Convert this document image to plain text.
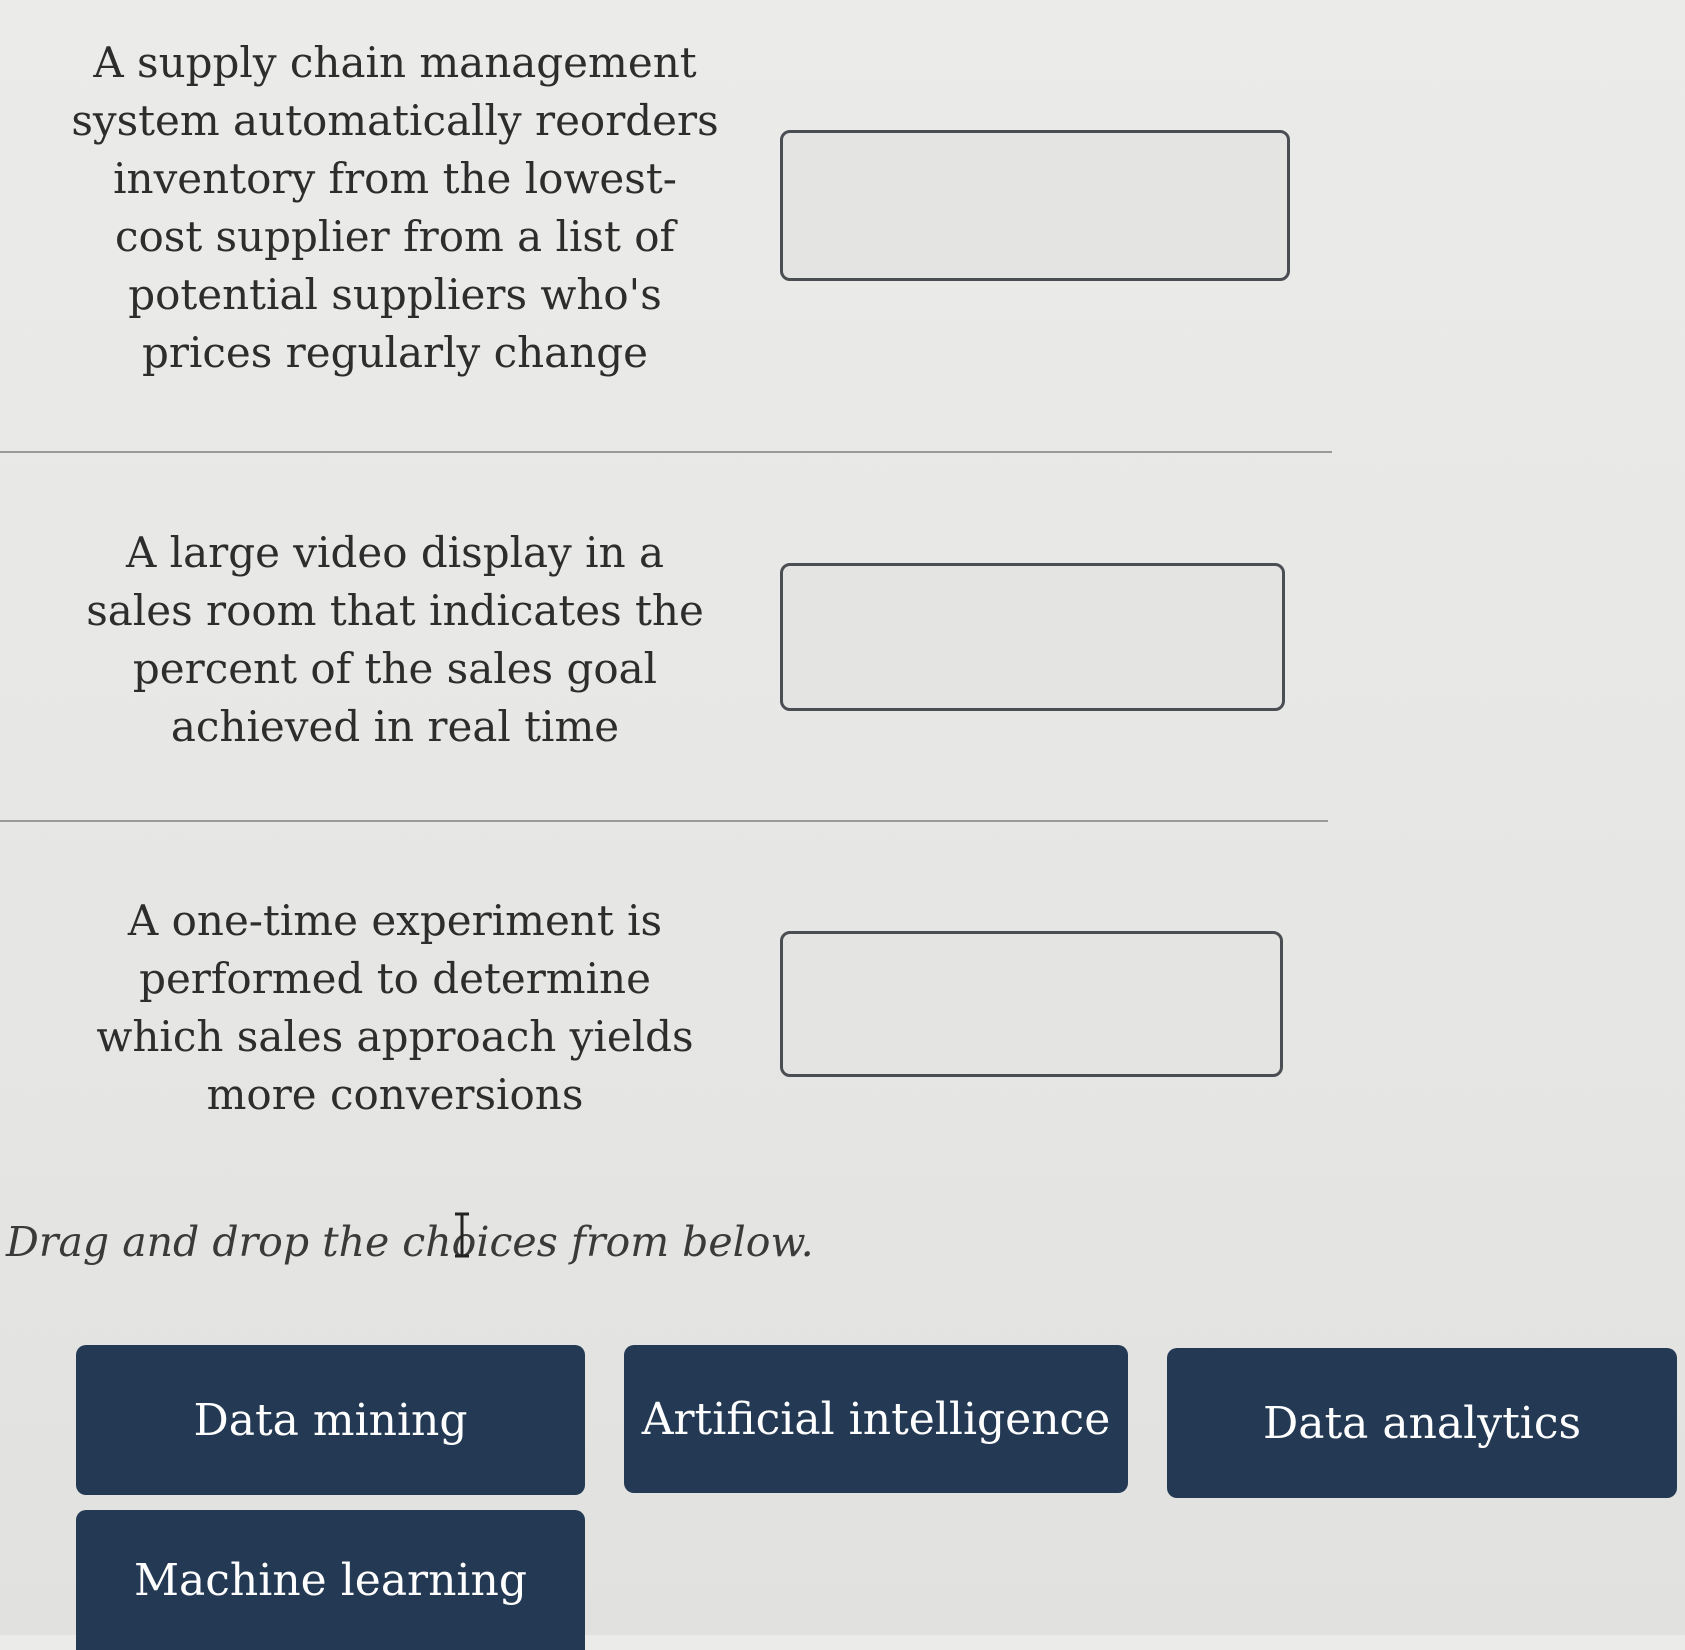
A supply chain management system automatically reorders inventory from the lowest-cost supplier from a list of potential suppliers who's prices regularly change
A large video display in a sales room that indicates the percent of the sales goal achieved in real time
A one-time experiment is performed to determine which sales approach yields more conversions
Drag and drop the choices from below.
Data mining	Artificial intelligence	Data analytics
Machine learning
